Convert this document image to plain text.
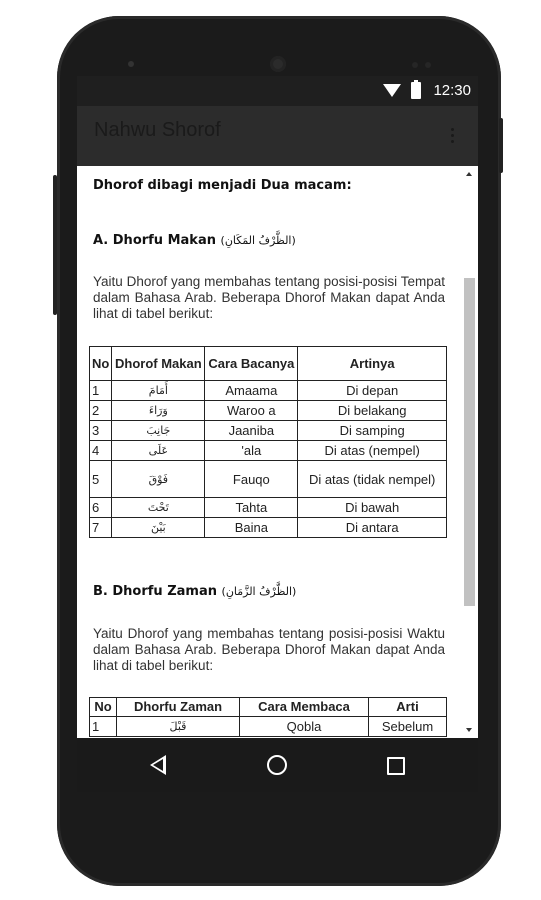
12:30
Nahwu Shorof
Dhorof dibagi menjadi Dua macam:
A. Dhorfu Makan (الظَّرْفُ المَكَانِ)
Yaitu Dhorof yang membahas tentang posisi-posisi Tempat dalam Bahasa Arab. Beberapa Dhorof Makan dapat Anda lihat di tabel berikut:
No	Dhorof Makan	Cara Bacanya	Artinya
1	أَمَامَ	Amaama	Di depan
2	وَرَاءَ	Waroo a	Di belakang
3	جَانِبَ	Jaaniba	Di samping
4	عَلَى	'ala	Di atas (nempel)
5	فَوْقَ	Fauqo	Di atas (tidak nempel)
6	تَحْتَ	Tahta	Di bawah
7	بَيْنَ	Baina	Di antara
B. Dhorfu Zaman (الظَّرْفُ الزَّمَانِ)
Yaitu Dhorof yang membahas tentang posisi-posisi Waktu dalam Bahasa Arab. Beberapa Dhorof Makan dapat Anda lihat di tabel berikut:
No	Dhorfu Zaman	Cara Membaca	Arti
1	قَبْلَ	Qobla	Sebelum
